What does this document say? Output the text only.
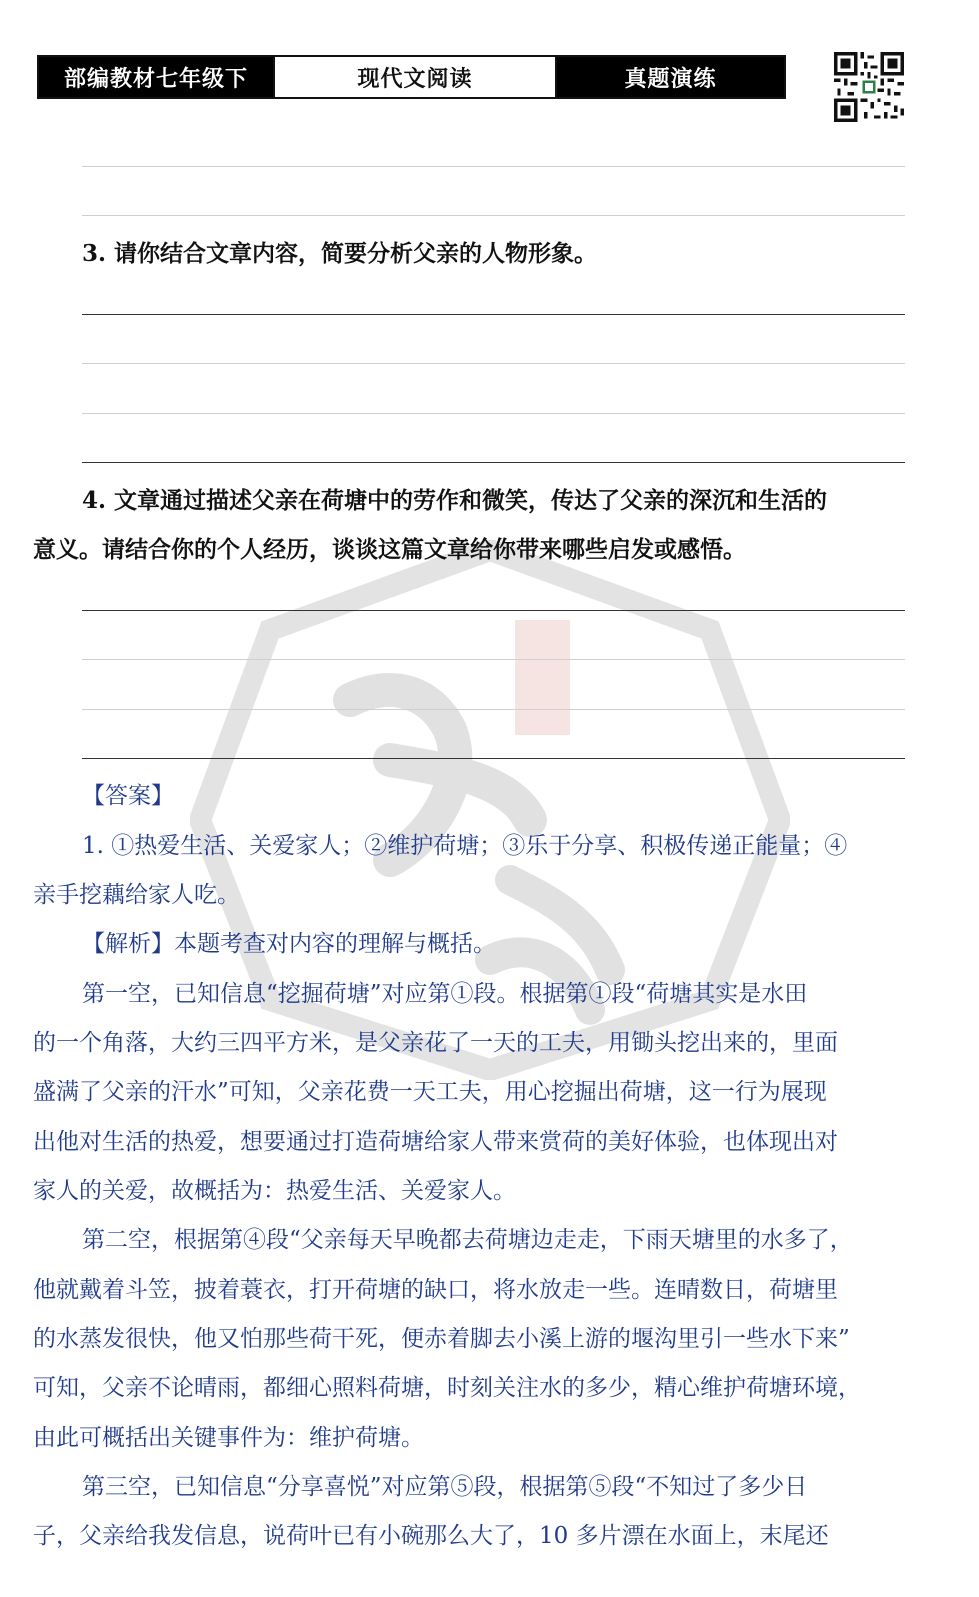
部编教材七年级下	现代文阅读	真题演练

3. 请你结合文章内容，简要分析父亲的人物形象。

4. 文章通过描述父亲在荷塘中的劳作和微笑，传达了父亲的深沉和生活的

意义。请结合你的个人经历，谈谈这篇文章给你带来哪些启发或感悟。

【答案】

1. ①热爱生活、关爱家人；②维护荷塘；③乐于分享、积极传递正能量；④

亲手挖藕给家人吃。

【解析】本题考查对内容的理解与概括。

第一空，已知信息“挖掘荷塘”对应第①段。根据第①段“荷塘其实是水田

的一个角落，大约三四平方米，是父亲花了一天的工夫，用锄头挖出来的，里面

盛满了父亲的汗水”可知，父亲花费一天工夫，用心挖掘出荷塘，这一行为展现

出他对生活的热爱，想要通过打造荷塘给家人带来赏荷的美好体验，也体现出对

家人的关爱，故概括为：热爱生活、关爱家人。

第二空，根据第④段“父亲每天早晚都去荷塘边走走，下雨天塘里的水多了，

他就戴着斗笠，披着蓑衣，打开荷塘的缺口，将水放走一些。连晴数日，荷塘里

的水蒸发很快，他又怕那些荷干死，便赤着脚去小溪上游的堰沟里引一些水下来”

可知，父亲不论晴雨，都细心照料荷塘，时刻关注水的多少，精心维护荷塘环境，

由此可概括出关键事件为：维护荷塘。

第三空，已知信息“分享喜悦”对应第⑤段，根据第⑤段“不知过了多少日

子，父亲给我发信息，说荷叶已有小碗那么大了，10 多片漂在水面上，末尾还
